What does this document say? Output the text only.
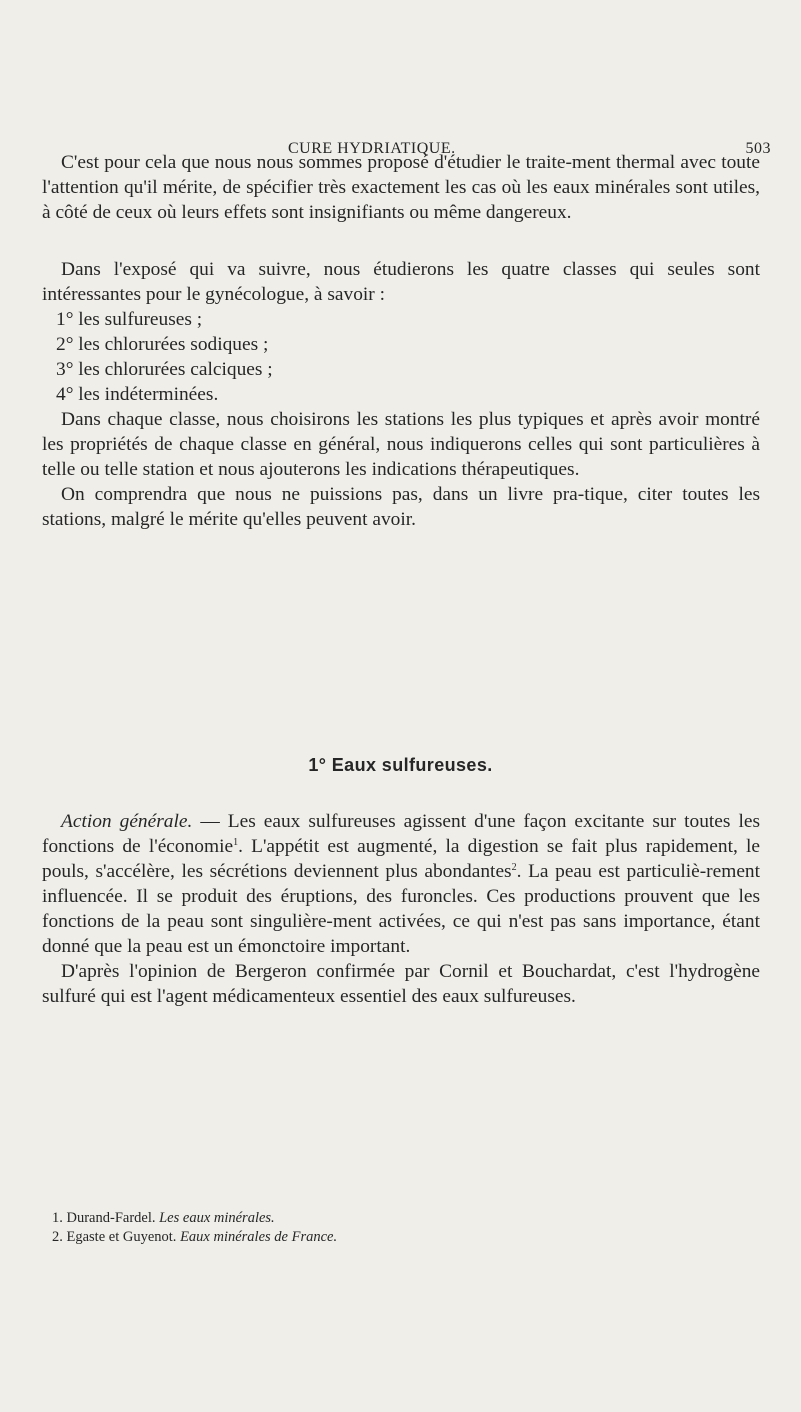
CURE HYDRIATIQUE.	503

C'est pour cela que nous nous sommes proposé d'étudier le traite-ment thermal avec toute l'attention qu'il mérite, de spécifier très exactement les cas où les eaux minérales sont utiles, à côté de ceux où leurs effets sont insignifiants ou même dangereux.

Dans l'exposé qui va suivre, nous étudierons les quatre classes qui seules sont intéressantes pour le gynécologue, à savoir :

1° les sulfureuses ;
2° les chlorurées sodiques ;
3° les chlorurées calciques ;
4° les indéterminées.

Dans chaque classe, nous choisirons les stations les plus typiques et après avoir montré les propriétés de chaque classe en général, nous indiquerons celles qui sont particulières à telle ou telle station et nous ajouterons les indications thérapeutiques.

On comprendra que nous ne puissions pas, dans un livre pra-tique, citer toutes les stations, malgré le mérite qu'elles peuvent avoir.

1° Eaux sulfureuses.

Action générale. — Les eaux sulfureuses agissent d'une façon excitante sur toutes les fonctions de l'économie$^1$. L'appétit est augmenté, la digestion se fait plus rapidement, le pouls, s'accélère, les sécrétions deviennent plus abondantes$^2$. La peau est particuliè-rement influencée. Il se produit des éruptions, des furoncles. Ces productions prouvent que les fonctions de la peau sont singulière-ment activées, ce qui n'est pas sans importance, étant donné que la peau est un émonctoire important.

D'après l'opinion de Bergeron confirmée par Cornil et Bouchardat, c'est l'hydrogène sulfuré qui est l'agent médicamenteux essentiel des eaux sulfureuses.

1. Durand-Fardel. Les eaux minérales.
2. Egaste et Guyenot. Eaux minérales de France.
